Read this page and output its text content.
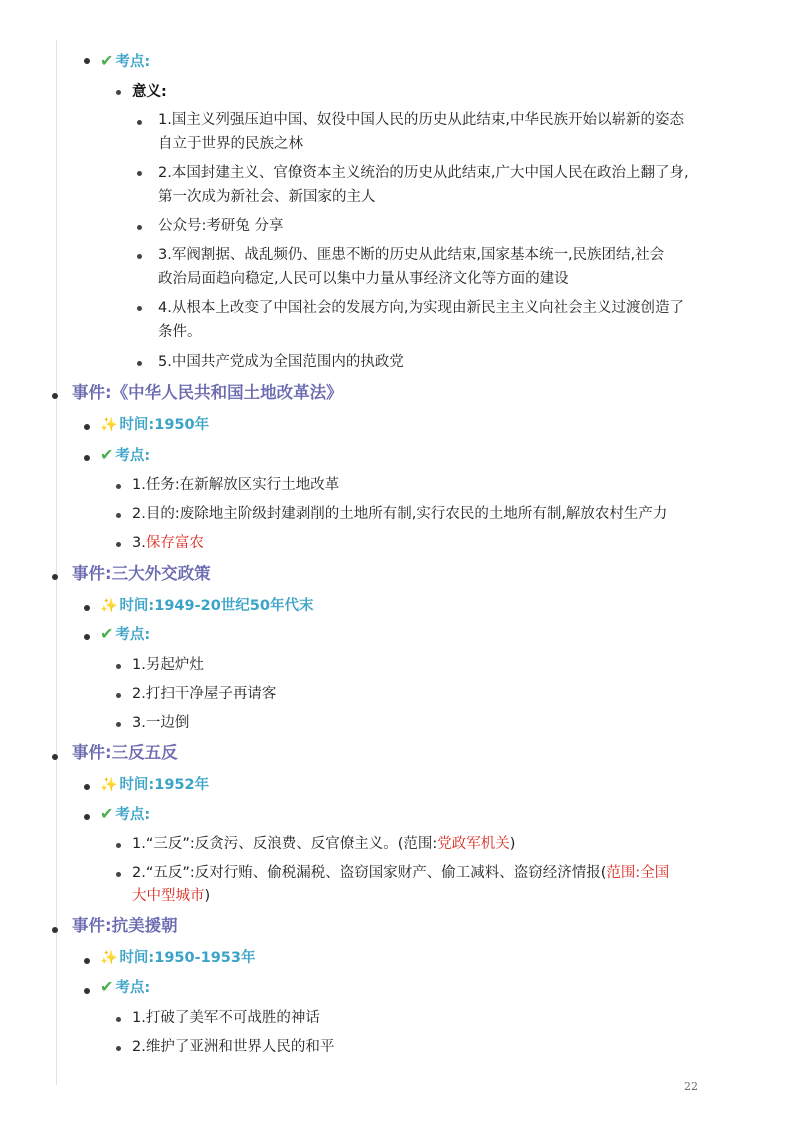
✔ 考点:
意义:
1.国主义列强压迫中国、奴役中国人民的历史从此结束,中华民族开始以崭新的姿态
自立于世界的民族之林
2.本国封建主义、官僚资本主义统治的历史从此结束,广大中国人民在政治上翻了身,
第一次成为新社会、新国家的主人
公众号:考研兔 分享
3.军阀割据、战乱频仍、匪患不断的历史从此结束,国家基本统一,民族团结,社会
政治局面趋向稳定,人民可以集中力量从事经济文化等方面的建设
4.从根本上改变了中国社会的发展方向,为实现由新民主主义向社会主义过渡创造了
条件。
5.中国共产党成为全国范围内的执政党
事件:《中华人民共和国土地改革法》
✨ 时间:1950年
✔ 考点:
1.任务:在新解放区实行土地改革
2.目的:废除地主阶级封建剥削的土地所有制,实行农民的土地所有制,解放农村生产力
3.保存富农
事件:三大外交政策
✨ 时间:1949-20世纪50年代末
✔ 考点:
1.另起炉灶
2.打扫干净屋子再请客
3.一边倒
事件:三反五反
✨ 时间:1952年
✔ 考点:
1.“三反”:反贪污、反浪费、反官僚主义。(范围:党政军机关)
2.“五反”:反对行贿、偷税漏税、盗窃国家财产、偷工减料、盗窃经济情报(范围:全国
大中型城市)
事件:抗美援朝
✨ 时间:1950-1953年
✔ 考点:
1.打破了美军不可战胜的神话
2.维护了亚洲和世界人民的和平
22
